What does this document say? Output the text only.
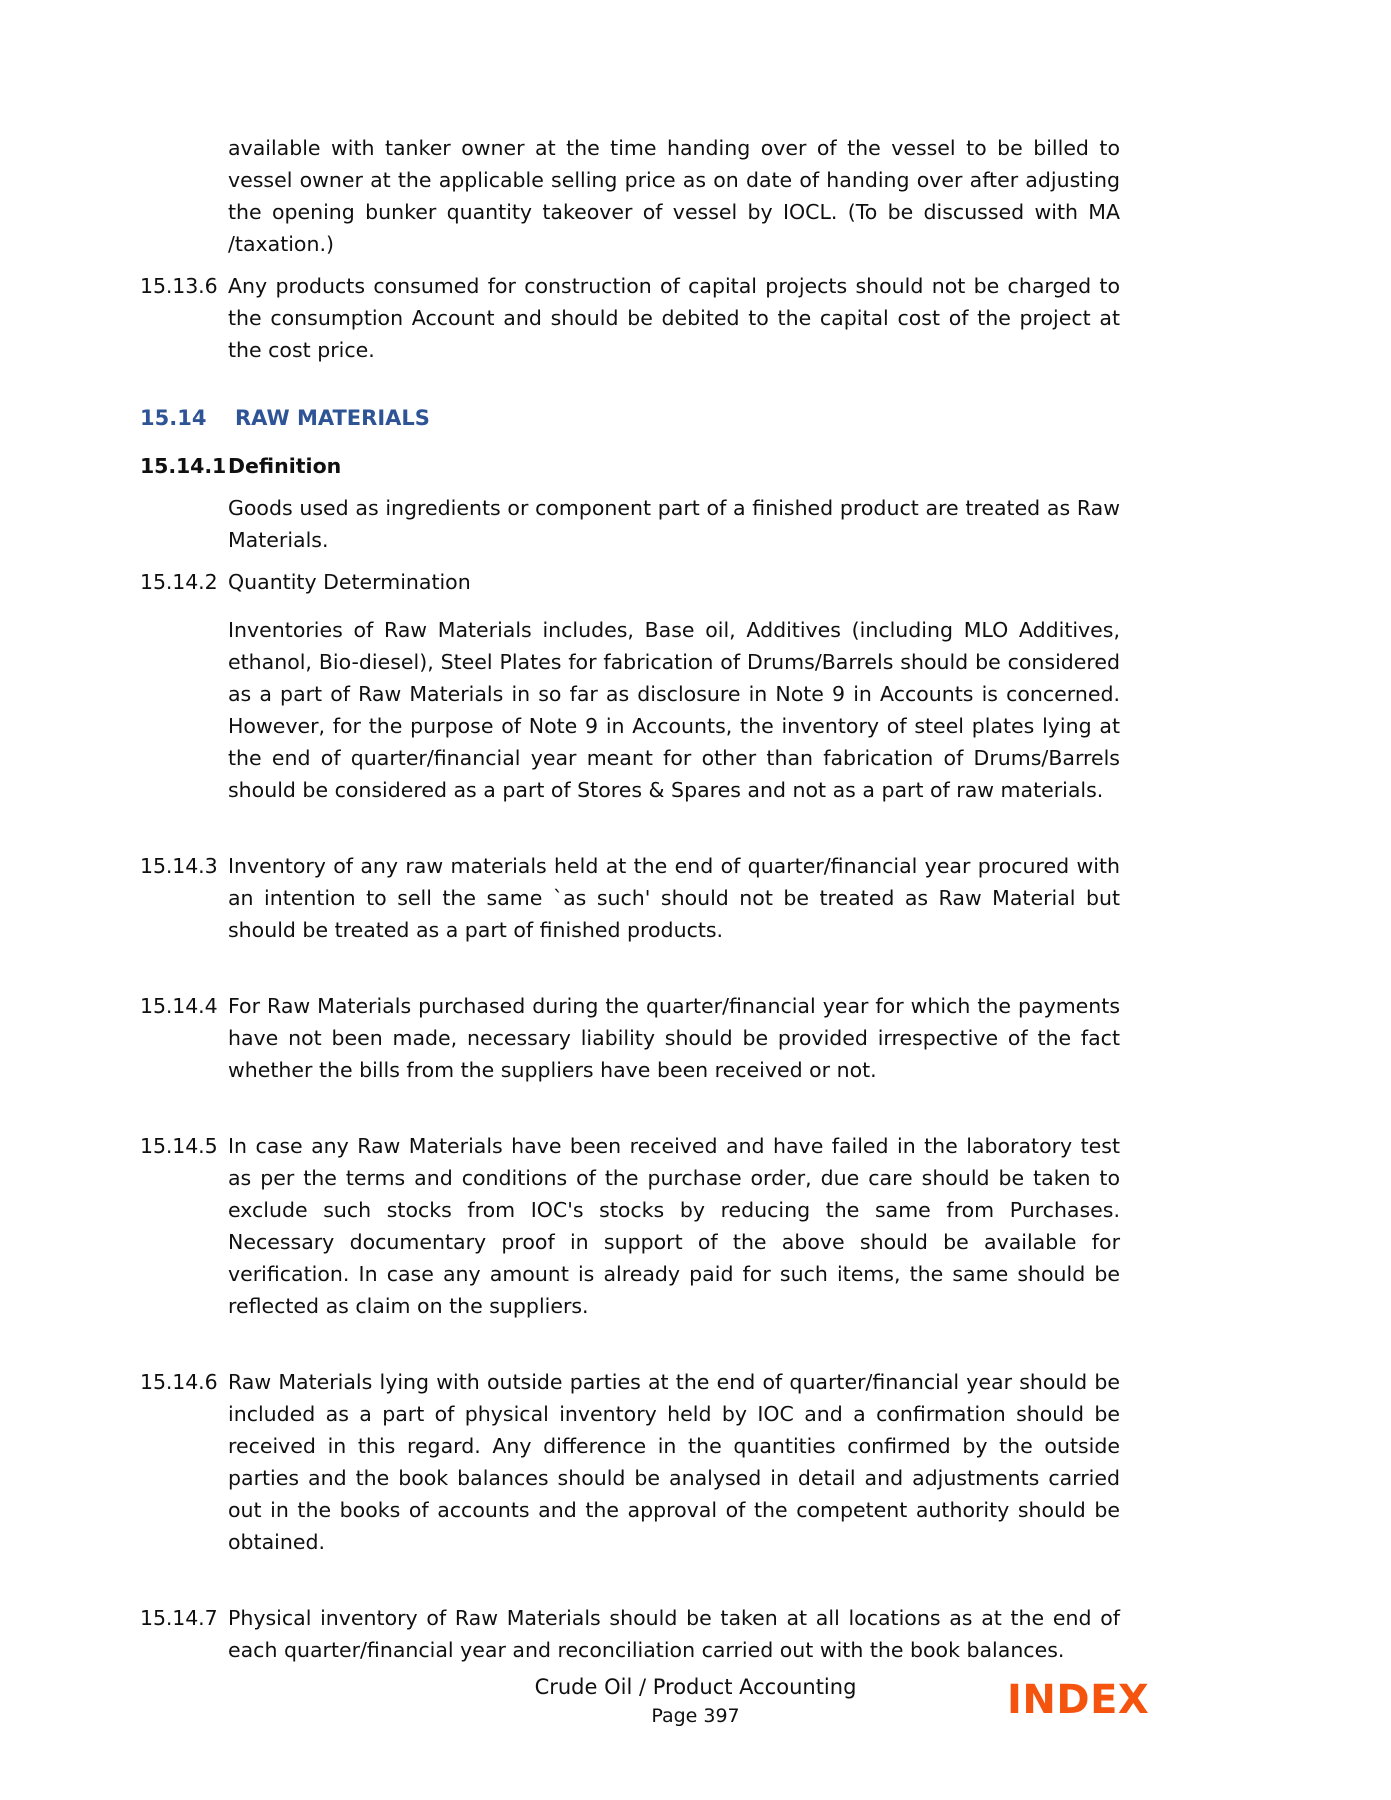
available with tanker owner at the time handing over of the vessel to be billed to vessel owner at the applicable selling price as on date of handing over after adjusting the opening bunker quantity takeover of vessel by IOCL. (To be discussed with MA /taxation.)
15.13.6 Any products consumed for construction of capital projects should not be charged to the consumption Account and should be debited to the capital cost of the project at the cost price.
15.14	RAW MATERIALS
15.14.1 Definition
Goods used as ingredients or component part of a finished product are treated as Raw Materials.
15.14.2 Quantity Determination
Inventories of Raw Materials includes, Base oil, Additives (including MLO Additives, ethanol, Bio-diesel), Steel Plates for fabrication of Drums/Barrels should be considered as a part of Raw Materials in so far as disclosure in Note 9 in Accounts is concerned. However, for the purpose of Note 9 in Accounts, the inventory of steel plates lying at the end of quarter/financial year meant for other than fabrication of Drums/Barrels should be considered as a part of Stores & Spares and not as a part of raw materials.
15.14.3 Inventory of any raw materials held at the end of quarter/financial year procured with an intention to sell the same `as such' should not be treated as Raw Material but should be treated as a part of finished products.
15.14.4 For Raw Materials purchased during the quarter/financial year for which the payments have not been made, necessary liability should be provided irrespective of the fact whether the bills from the suppliers have been received or not.
15.14.5 In case any Raw Materials have been received and have failed in the laboratory test as per the terms and conditions of the purchase order, due care should be taken to exclude such stocks from IOC's stocks by reducing the same from Purchases. Necessary documentary proof in support of the above should be available for verification. In case any amount is already paid for such items, the same should be reflected as claim on the suppliers.
15.14.6 Raw Materials lying with outside parties at the end of quarter/financial year should be included as a part of physical inventory held by IOC and a confirmation should be received in this regard. Any difference in the quantities confirmed by the outside parties and the book balances should be analysed in detail and adjustments carried out in the books of accounts and the approval of the competent authority should be obtained.
15.14.7 Physical inventory of Raw Materials should be taken at all locations as at the end of each quarter/financial year and reconciliation carried out with the book balances.
Crude Oil / Product Accounting
Page 397	INDEX
